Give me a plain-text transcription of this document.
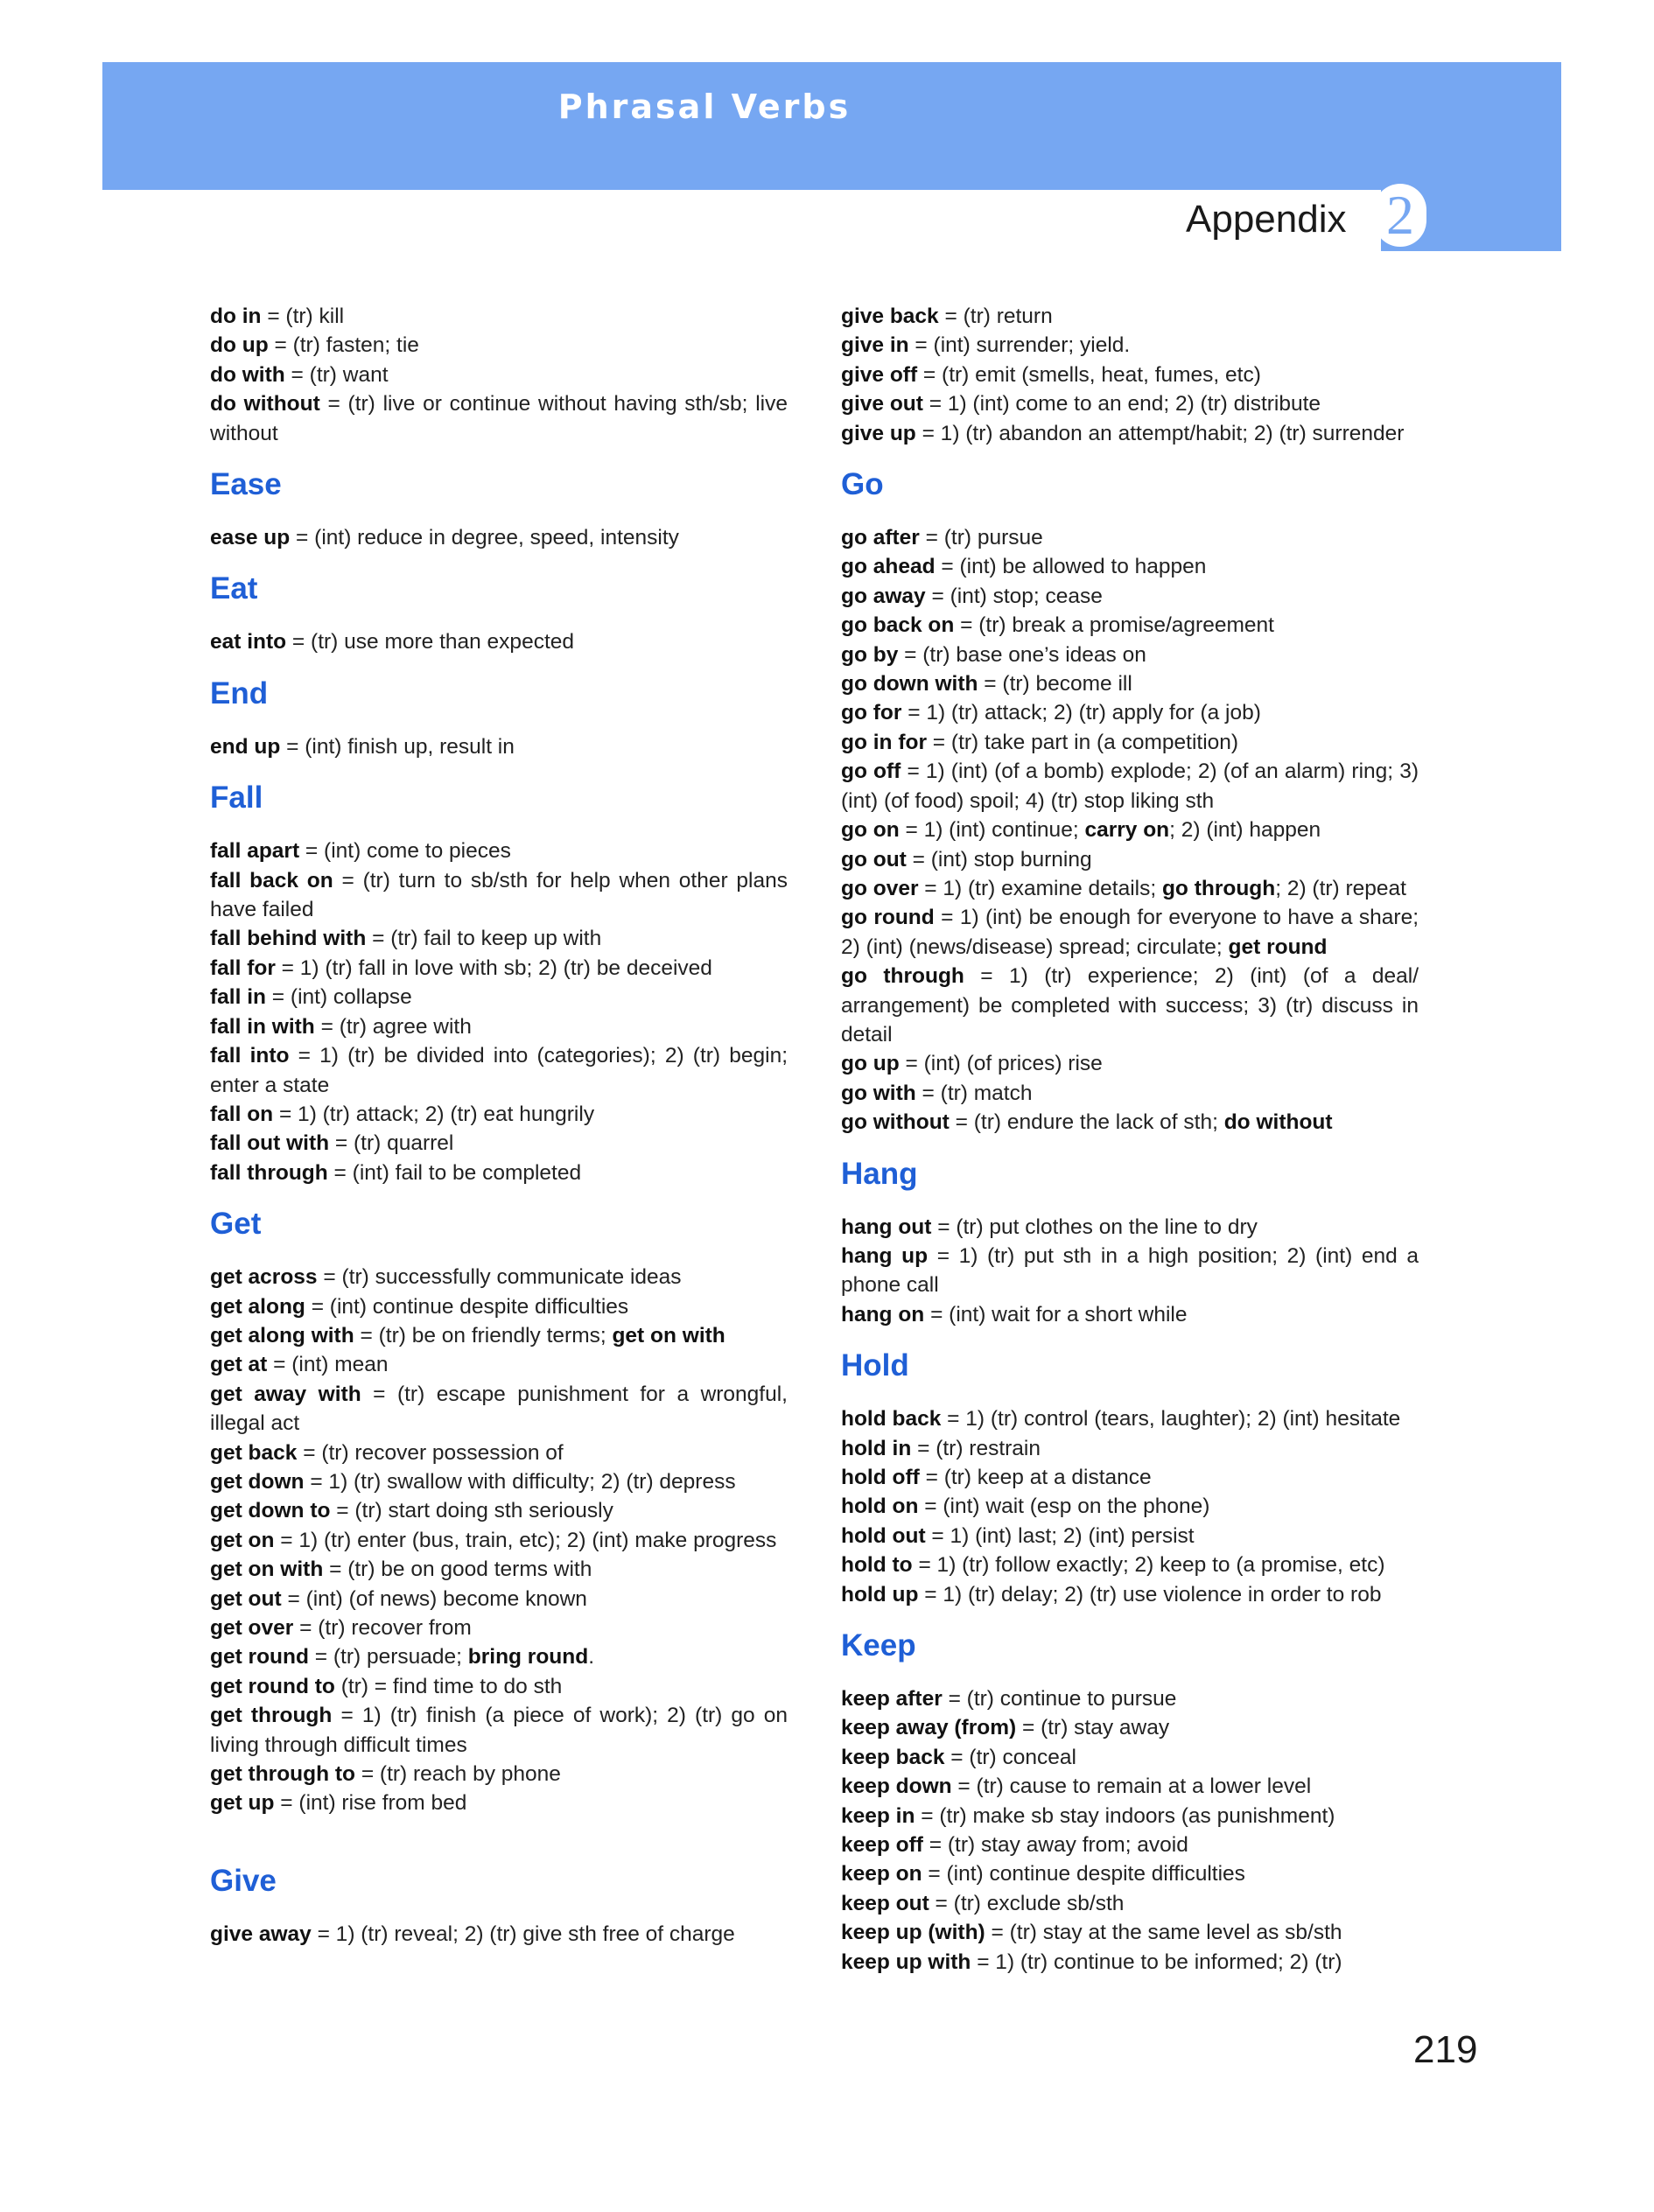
Phrasal Verbs
Appendix 2
do in = (tr) kill
do up = (tr) fasten; tie
do with = (tr) want
do without = (tr) live or continue without having sth/sb; live without
Ease
ease up = (int) reduce in degree, speed, intensity
Eat
eat into = (tr) use more than expected
End
end up = (int) finish up, result in
Fall
fall apart = (int) come to pieces
fall back on = (tr) turn to sb/sth for help when other plans have failed
fall behind with = (tr) fail to keep up with
fall for = 1) (tr) fall in love with sb; 2) (tr) be deceived
fall in = (int) collapse
fall in with = (tr) agree with
fall into = 1) (tr) be divided into (categories); 2) (tr) begin; enter a state
fall on = 1) (tr) attack; 2) (tr) eat hungrily
fall out with = (tr) quarrel
fall through = (int) fail to be completed
Get
get across = (tr) successfully communicate ideas
get along = (int) continue despite difficulties
get along with = (tr) be on friendly terms; get on with
get at = (int) mean
get away with = (tr) escape punishment for a wrongful, illegal act
get back = (tr) recover possession of
get down = 1) (tr) swallow with difficulty; 2) (tr) depress
get down to = (tr) start doing sth seriously
get on = 1) (tr) enter (bus, train, etc); 2) (int) make progress
get on with = (tr) be on good terms with
get out = (int) (of news) become known
get over = (tr) recover from
get round = (tr) persuade; bring round.
get round to (tr) = find time to do sth
get through = 1) (tr) finish (a piece of work); 2) (tr) go on living through difficult times
get through to = (tr) reach by phone
get up = (int) rise from bed
Give
give away = 1) (tr) reveal; 2) (tr) give sth free of charge
give back = (tr) return
give in = (int) surrender; yield.
give off = (tr) emit (smells, heat, fumes, etc)
give out = 1) (int) come to an end; 2) (tr) distribute
give up = 1) (tr) abandon an attempt/habit; 2) (tr) surrender
Go
go after = (tr) pursue
go ahead = (int) be allowed to happen
go away = (int) stop; cease
go back on = (tr) break a promise/agreement
go by = (tr) base one’s ideas on
go down with = (tr) become ill
go for = 1) (tr) attack; 2) (tr) apply for (a job)
go in for = (tr) take part in (a competition)
go off = 1) (int) (of a bomb) explode; 2) (of an alarm) ring; 3) (int) (of food) spoil; 4) (tr) stop liking sth
go on = 1) (int) continue; carry on; 2) (int) happen
go out = (int) stop burning
go over = 1) (tr) examine details; go through; 2) (tr) repeat
go round = 1) (int) be enough for everyone to have a share; 2) (int) (news/disease) spread; circulate; get round
go through = 1) (tr) experience; 2) (int) (of a deal/ arrangement) be completed with success; 3) (tr) discuss in detail
go up = (int) (of prices) rise
go with = (tr) match
go without = (tr) endure the lack of sth; do without
Hang
hang out = (tr) put clothes on the line to dry
hang up = 1) (tr) put sth in a high position; 2) (int) end a phone call
hang on = (int) wait for a short while
Hold
hold back = 1) (tr) control (tears, laughter); 2) (int) hesitate
hold in = (tr) restrain
hold off = (tr) keep at a distance
hold on = (int) wait (esp on the phone)
hold out = 1) (int) last; 2) (int) persist
hold to = 1) (tr) follow exactly; 2) keep to (a promise, etc)
hold up = 1) (tr) delay; 2) (tr) use violence in order to rob
Keep
keep after = (tr) continue to pursue
keep away (from) = (tr) stay away
keep back = (tr) conceal
keep down = (tr) cause to remain at a lower level
keep in = (tr) make sb stay indoors (as punishment)
keep off = (tr) stay away from; avoid
keep on = (int) continue despite difficulties
keep out = (tr) exclude sb/sth
keep up (with) = (tr) stay at the same level as sb/sth
keep up with = 1) (tr) continue to be informed; 2) (tr)
219
